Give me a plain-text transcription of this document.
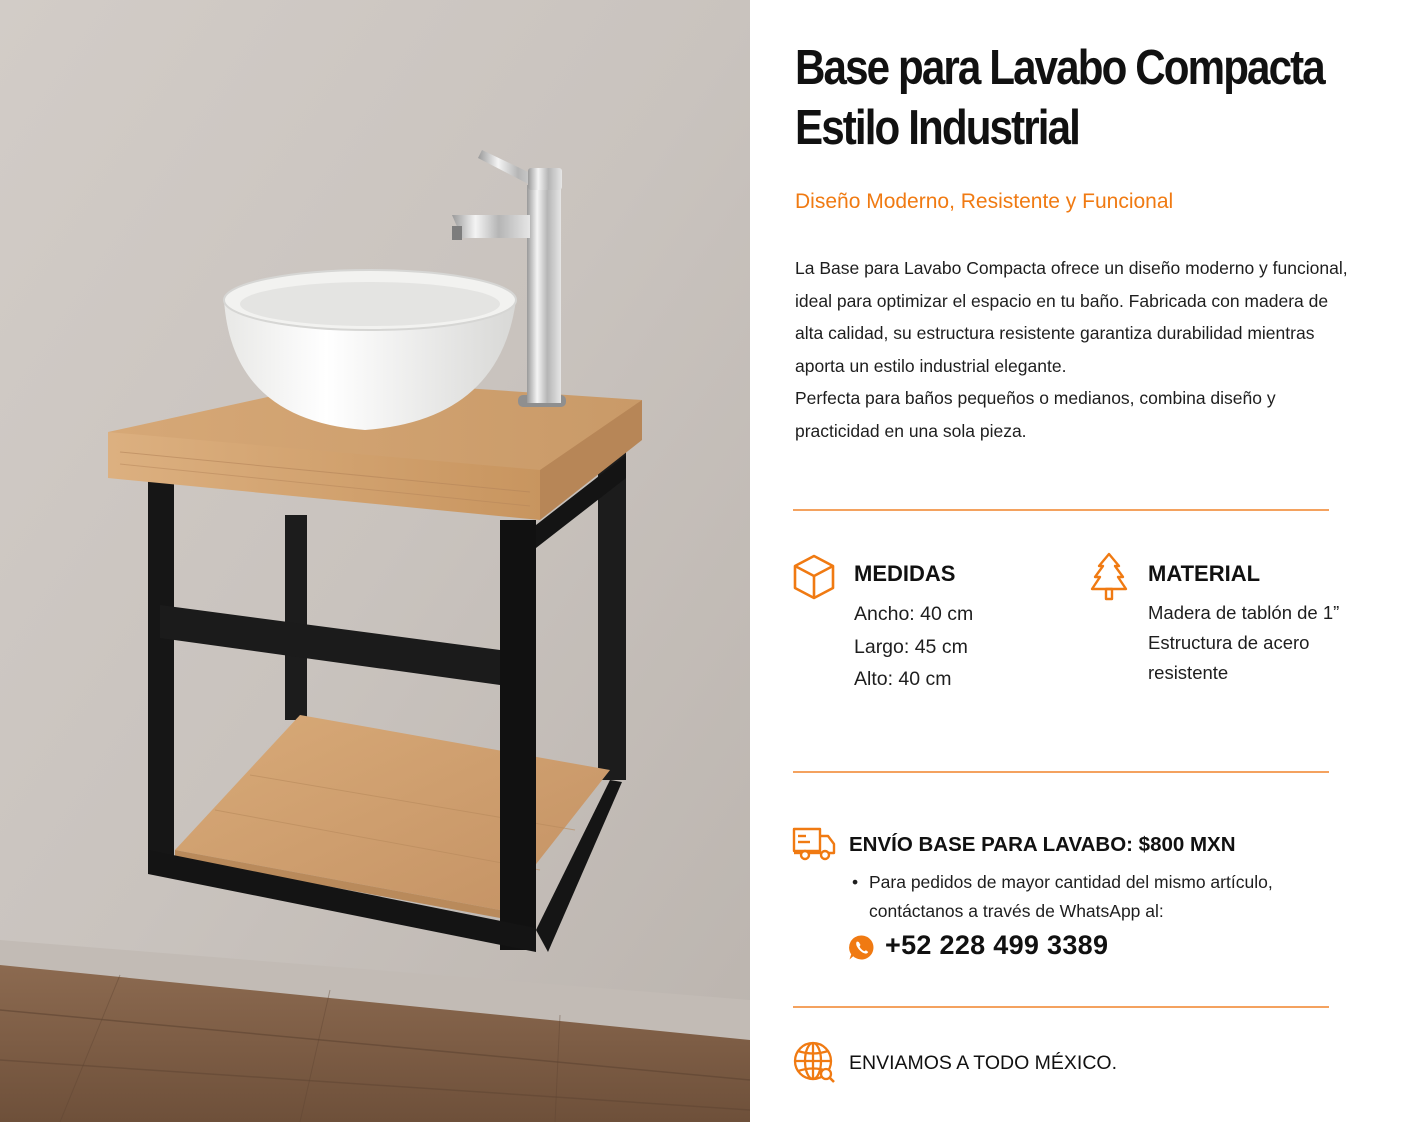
Base para Lavabo Compacta
Estilo Industrial
Diseño Moderno, Resistente y Funcional

La Base para Lavabo Compacta ofrece un diseño moderno y funcional, ideal para optimizar el espacio en tu baño. Fabricada con madera de alta calidad, su estructura resistente garantiza durabilidad mientras aporta un estilo industrial elegante.

Perfecta para baños pequeños o medianos, combina diseño y practicidad en una sola pieza.

MEDIDAS
Ancho: 40 cm
Largo: 45 cm
Alto: 40 cm
MATERIAL
Madera de tablón de 1”
Estructura de acero resistente
ENVÍO BASE PARA LAVABO: $800 MXN
• Para pedidos de mayor cantidad del mismo artículo, contáctanos a través de WhatsApp al:
+52 228 499 3389
ENVIAMOS A TODO MÉXICO.
